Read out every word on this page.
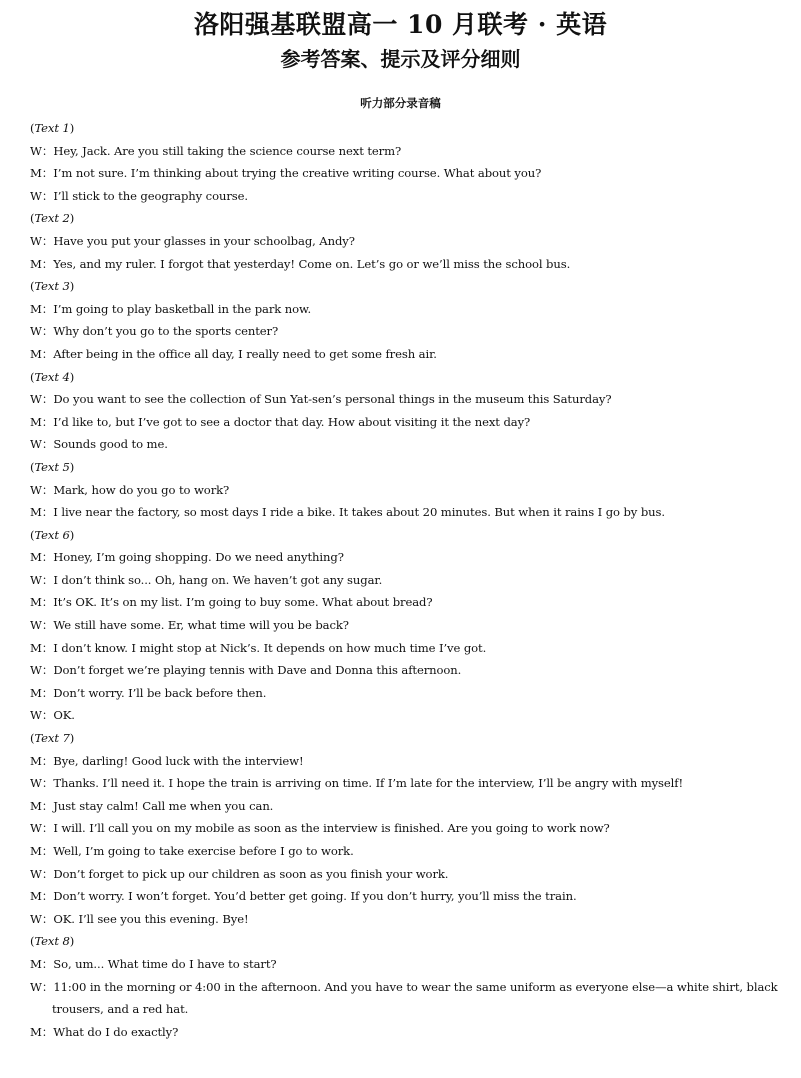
洛阳强基联盟高一 10 月联考 · 英语
参考答案、提示及评分细则
听力部分录音稿
(Text 1)
W：Hey, Jack. Are you still taking the science course next term?
M：I’m not sure. I’m thinking about trying the creative writing course. What about you?
W：I’ll stick to the geography course.
(Text 2)
W：Have you put your glasses in your schoolbag, Andy?
M：Yes, and my ruler. I forgot that yesterday! Come on. Let’s go or we’ll miss the school bus.
(Text 3)
M：I’m going to play basketball in the park now.
W：Why don’t you go to the sports center?
M：After being in the office all day, I really need to get some fresh air.
(Text 4)
W：Do you want to see the collection of Sun Yat-sen’s personal things in the museum this Saturday?
M：I’d like to, but I’ve got to see a doctor that day. How about visiting it the next day?
W：Sounds good to me.
(Text 5)
W：Mark, how do you go to work?
M：I live near the factory, so most days I ride a bike. It takes about 20 minutes. But when it rains I go by bus.
(Text 6)
M：Honey, I’m going shopping. Do we need anything?
W：I don’t think so... Oh, hang on. We haven’t got any sugar.
M：It’s OK. It’s on my list. I’m going to buy some. What about bread?
W：We still have some. Er, what time will you be back?
M：I don’t know. I might stop at Nick’s. It depends on how much time I’ve got.
W：Don’t forget we’re playing tennis with Dave and Donna this afternoon.
M：Don’t worry. I’ll be back before then.
W：OK.
(Text 7)
M：Bye, darling! Good luck with the interview!
W：Thanks. I’ll need it. I hope the train is arriving on time. If I’m late for the interview, I’ll be angry with myself!
M：Just stay calm! Call me when you can.
W：I will. I’ll call you on my mobile as soon as the interview is finished. Are you going to work now?
M：Well, I’m going to take exercise before I go to work.
W：Don’t forget to pick up our children as soon as you finish your work.
M：Don’t worry. I won’t forget. You’d better get going. If you don’t hurry, you’ll miss the train.
W：OK. I’ll see you this evening. Bye!
(Text 8)
M：So, um... What time do I have to start?
W：11:00 in the morning or 4:00 in the afternoon. And you have to wear the same uniform as everyone else—a white shirt, black trousers, and a red hat.
M：What do I do exactly?
